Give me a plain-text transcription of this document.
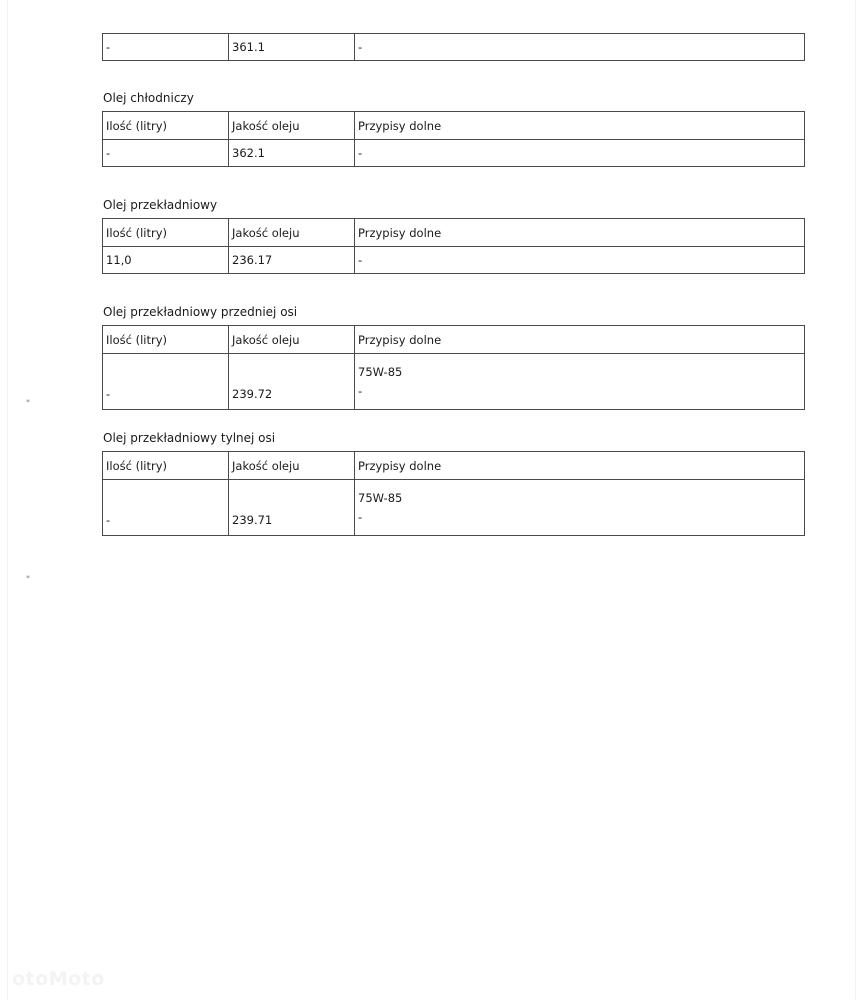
-	361.1	-
Olej chłodniczy
Ilość (litry)	Jakość oleju	Przypisy dolne
-	362.1	-
Olej przekładniowy
Ilość (litry)	Jakość oleju	Przypisy dolne
11,0	236.17	-
Olej przekładniowy przedniej osi
Ilość (litry)	Jakość oleju	Przypisy dolne
-	239.72	75W-85
-
Olej przekładniowy tylnej osi
Ilość (litry)	Jakość oleju	Przypisy dolne
-	239.71	75W-85
-
*
*
otoMoto
